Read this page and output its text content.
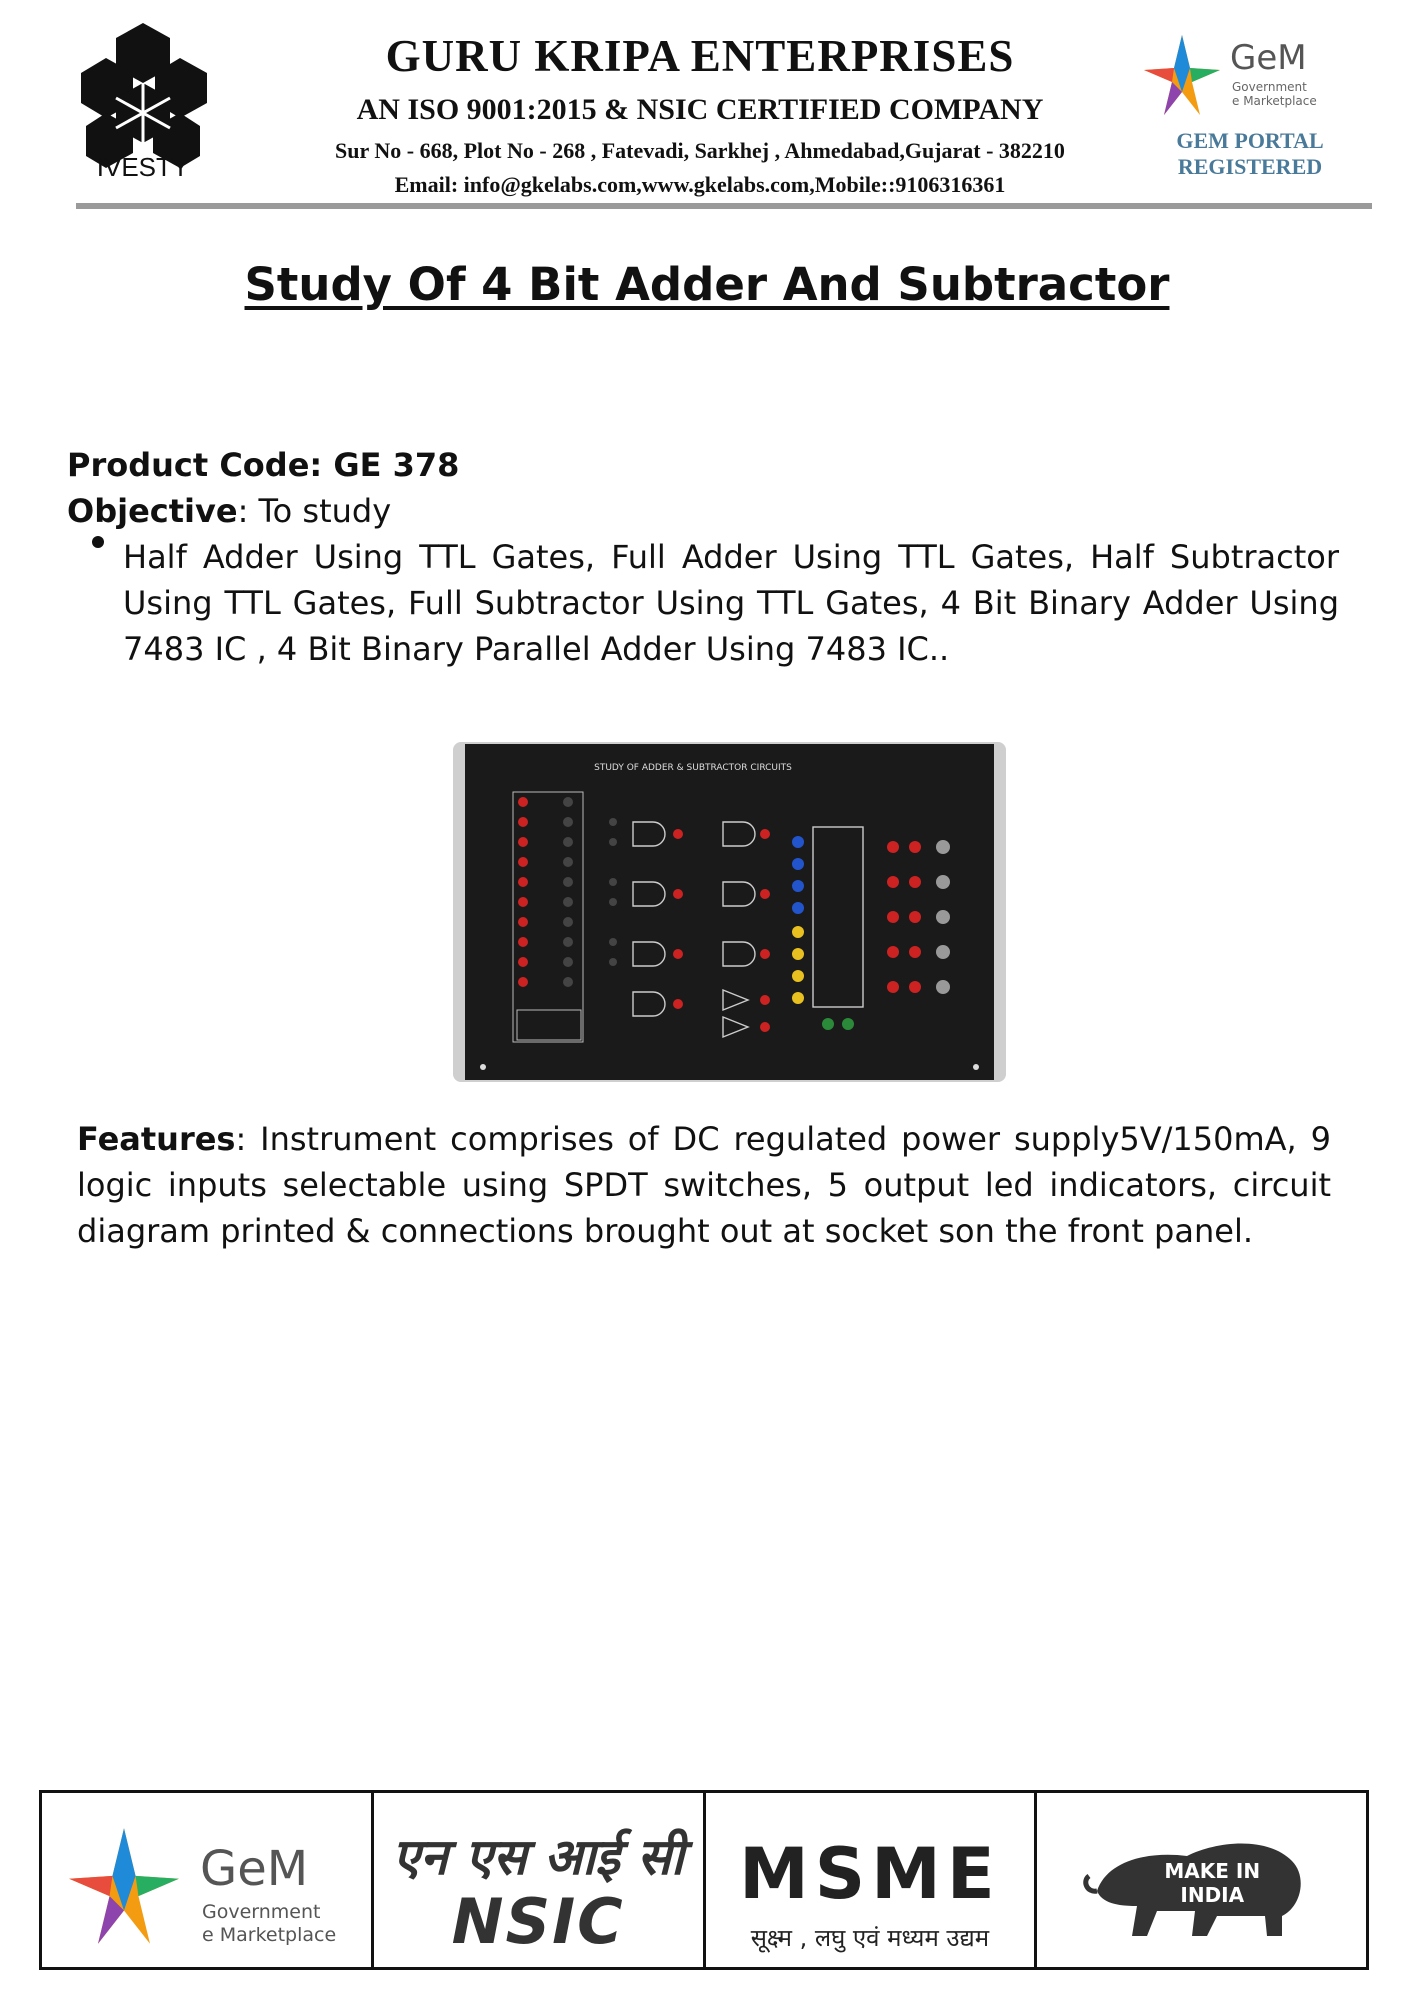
IVESTY
GURU KRIPA ENTERPRISES
AN ISO 9001:2015 & NSIC CERTIFIED COMPANY
Sur No - 668, Plot No - 268 , Fatevadi, Sarkhej , Ahmedabad,Gujarat - 382210
Email: info@gkelabs.com,www.gkelabs.com,Mobile::9106316361
GeM
Government
e Marketplace
GEM PORTAL
REGISTERED
Study Of 4 Bit Adder And Subtractor
Product Code: GE 378
Objective: To study
Half Adder Using TTL Gates, Full Adder Using TTL Gates, Half Subtractor Using TTL Gates, Full Subtractor Using TTL Gates, 4 Bit Binary Adder Using 7483 IC , 4 Bit Binary Parallel Adder Using 7483 IC..
STUDY OF ADDER & SUBTRACTOR CIRCUITS
Features: Instrument comprises of DC regulated power supply5V/150mA, 9 logic inputs selectable using SPDT switches, 5 output led indicators, circuit diagram printed & connections brought out at socket son the front panel.
GeM
Government
e Marketplace
एन एस आई सी
NSIC
MSME
सूक्ष्म , लघु एवं मध्यम उद्यम
MAKE IN INDIA
